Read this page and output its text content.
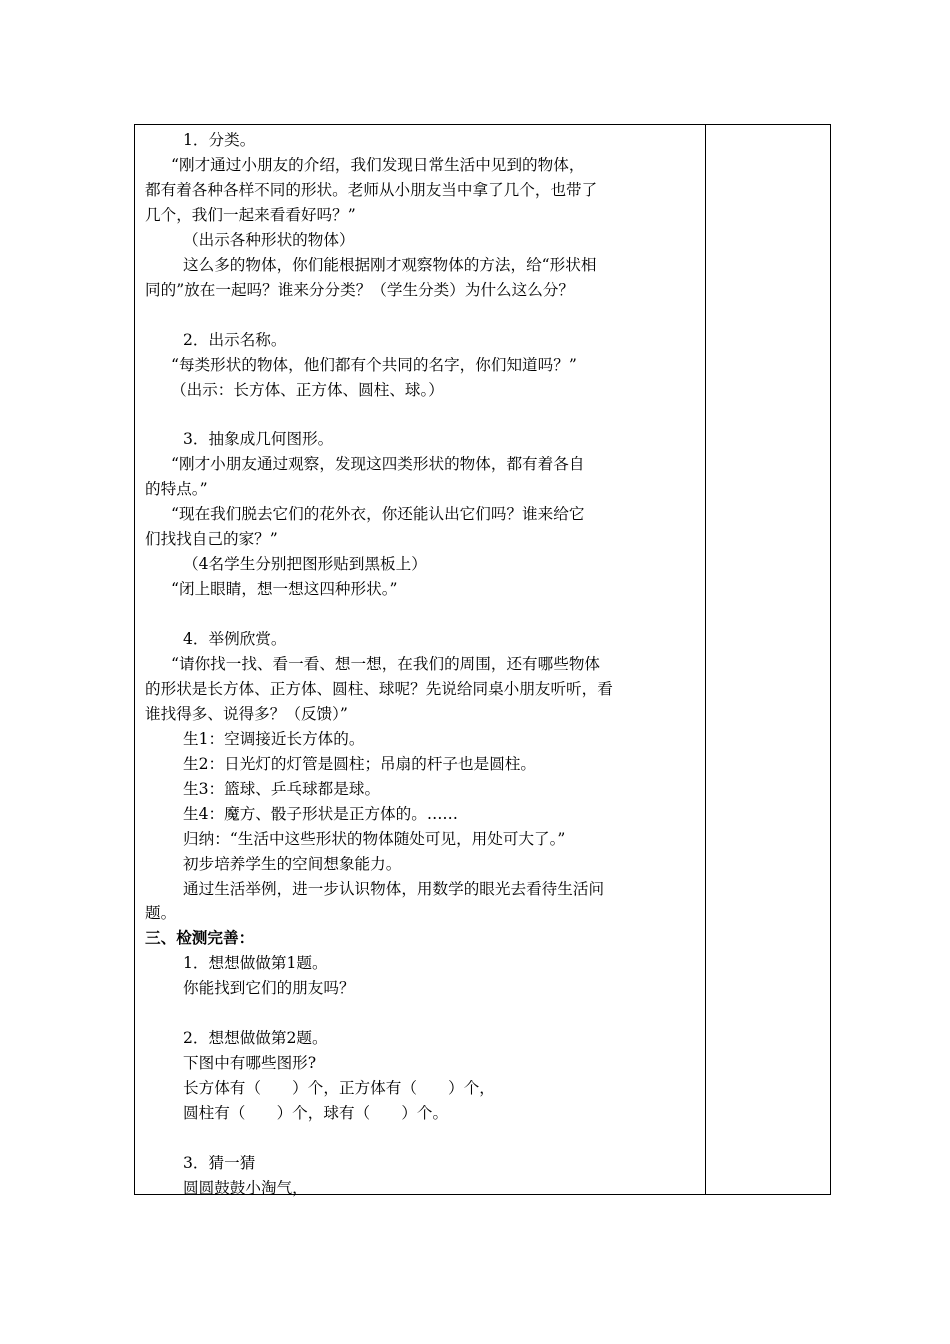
1．分类。
“刚才通过小朋友的介绍，我们发现日常生活中见到的物体，
都有着各种各样不同的形状。老师从小朋友当中拿了几个，也带了
几个，我们一起来看看好吗？”
（出示各种形状的物体）
这么多的物体，你们能根据刚才观察物体的方法，给“形状相
同的”放在一起吗？谁来分分类？（学生分类）为什么这么分？
2．出示名称。
“每类形状的物体，他们都有个共同的名字，你们知道吗？”
（出示：长方体、正方体、圆柱、球。）
3．抽象成几何图形。
“刚才小朋友通过观察，发现这四类形状的物体，都有着各自
的特点。”
“现在我们脱去它们的花外衣，你还能认出它们吗？谁来给它
们找找自己的家？”
（4名学生分别把图形贴到黑板上）
“闭上眼睛，想一想这四种形状。”
4．举例欣赏。
“请你找一找、看一看、想一想，在我们的周围，还有哪些物体
的形状是长方体、正方体、圆柱、球呢？先说给同桌小朋友听听，看
谁找得多、说得多？（反馈）”
生1：空调接近长方体的。
生2：日光灯的灯管是圆柱；吊扇的杆子也是圆柱。
生3：篮球、乒乓球都是球。
生4：魔方、骰子形状是正方体的。……
归纳：“生活中这些形状的物体随处可见，用处可大了。”
初步培养学生的空间想象能力。
通过生活举例，进一步认识物体，用数学的眼光去看待生活问
题。
三、检测完善：
1．想想做做第1题。
你能找到它们的朋友吗？
2．想想做做第2题。
下图中有哪些图形?
长方体有（　　）个，正方体有（　　）个，
圆柱有（　　）个，球有（　　）个。
3．猜一猜
圆圆鼓鼓小淘气，
